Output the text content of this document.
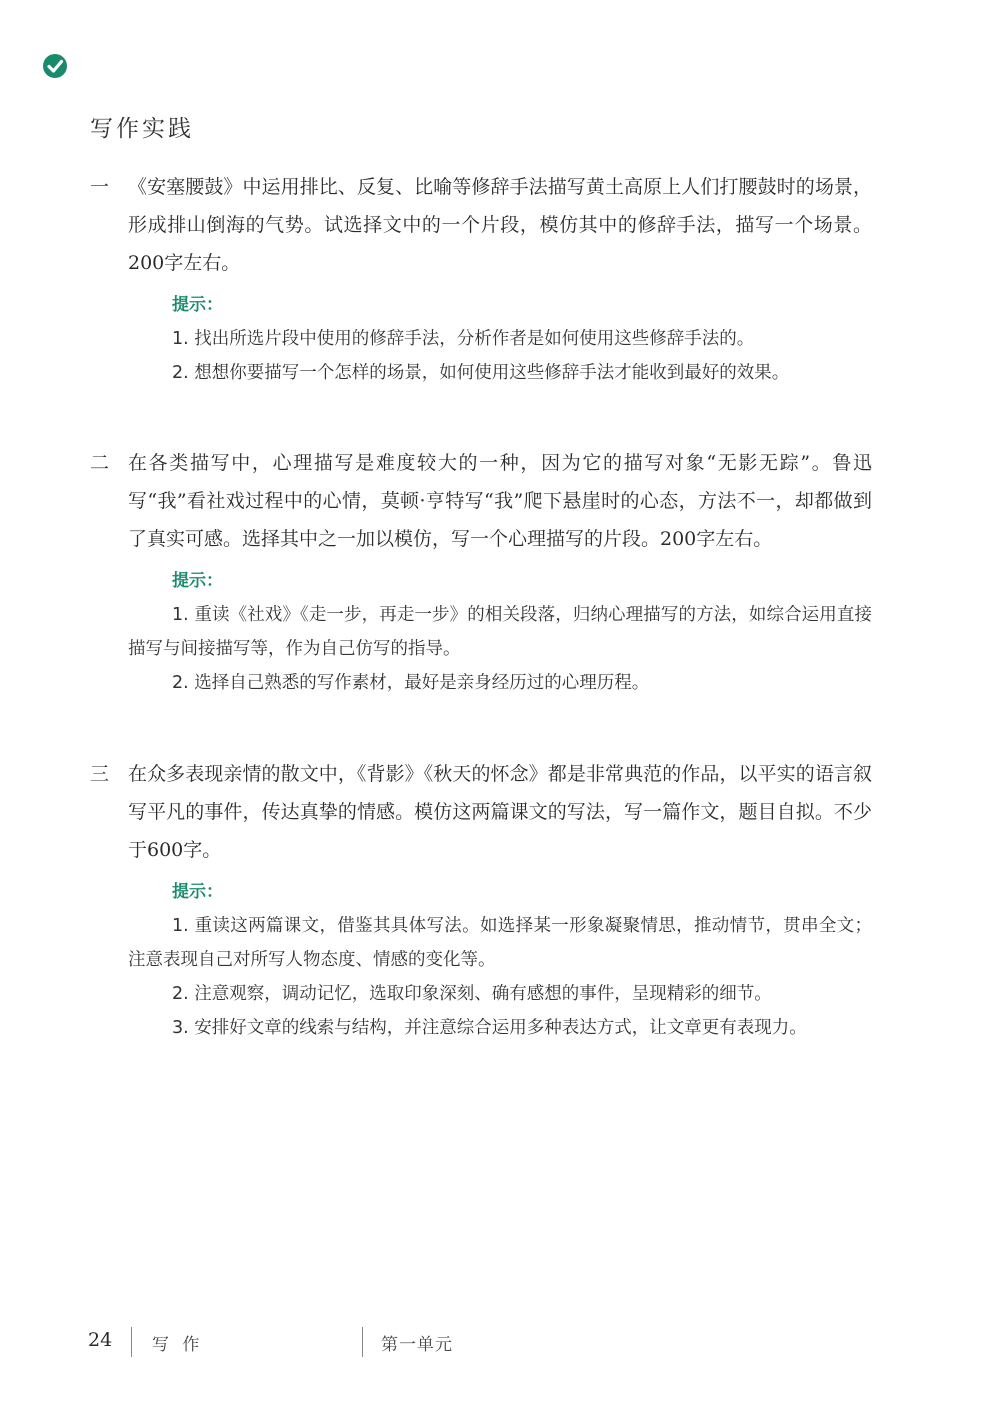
写作实践
一 《安塞腰鼓》中运用排比、反复、比喻等修辞手法描写黄土高原上人们打腰鼓时的场景，形成排山倒海的气势。试选择文中的一个片段，模仿其中的修辞手法，描写一个场景。200字左右。
提示：
1. 找出所选片段中使用的修辞手法，分析作者是如何使用这些修辞手法的。
2. 想想你要描写一个怎样的场景，如何使用这些修辞手法才能收到最好的效果。
二 在各类描写中，心理描写是难度较大的一种，因为它的描写对象“无影无踪”。鲁迅写“我”看社戏过程中的心情，莫顿·亨特写“我”爬下悬崖时的心态，方法不一，却都做到了真实可感。选择其中之一加以模仿，写一个心理描写的片段。200字左右。
提示：
1. 重读《社戏》《走一步，再走一步》的相关段落，归纳心理描写的方法，如综合运用直接描写与间接描写等，作为自己仿写的指导。
2. 选择自己熟悉的写作素材，最好是亲身经历过的心理历程。
三 在众多表现亲情的散文中，《背影》《秋天的怀念》都是非常典范的作品，以平实的语言叙写平凡的事件，传达真挚的情感。模仿这两篇课文的写法，写一篇作文，题目自拟。不少于600字。
提示：
1. 重读这两篇课文，借鉴其具体写法。如选择某一形象凝聚情思，推动情节，贯串全文；注意表现自己对所写人物态度、情感的变化等。
2. 注意观察，调动记忆，选取印象深刻、确有感想的事件，呈现精彩的细节。
3. 安排好文章的线索与结构，并注意综合运用多种表达方式，让文章更有表现力。
24 写 作	第一单元
